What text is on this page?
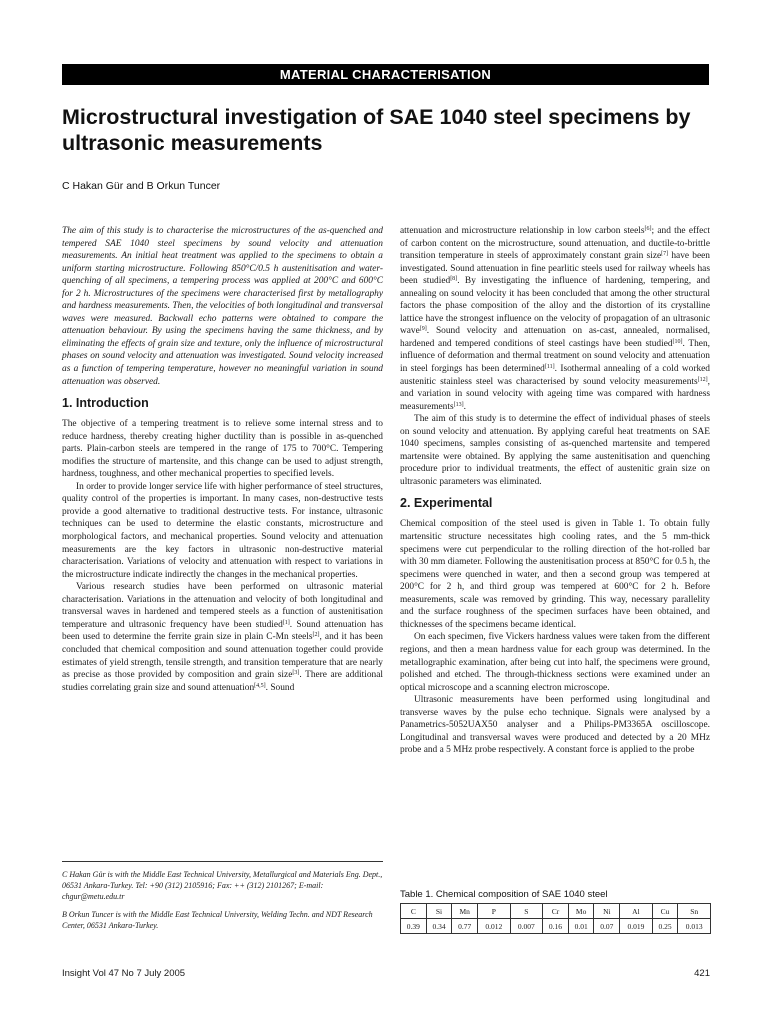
MATERIAL CHARACTERISATION
Microstructural investigation of SAE 1040 steel specimens by ultrasonic measurements
C Hakan Gür and B Orkun Tuncer

The aim of this study is to characterise the microstructures of the as-quenched and tempered SAE 1040 steel specimens by sound velocity and attenuation measurements. An initial heat treatment was applied to the specimens to obtain a uniform starting microstructure. Following 850°C/0.5 h austenitisation and water-quenching of all specimens, a tempering process was applied at 200°C and 600°C for 2 h. Microstructures of the specimens were characterised first by metallography and hardness measurements. Then, the velocities of both longitudinal and transversal waves were measured. Backwall echo patterns were obtained to compare the attenuation behaviour. By using the specimens having the same thickness, and by eliminating the effects of grain size and texture, only the influence of microstructural phases on sound velocity and attenuation was investigated. Sound velocity increased as a function of tempering temperature, however no meaningful variation in sound attenuation was observed.

1. Introduction

The objective of a tempering treatment is to relieve some internal stress and to reduce hardness, thereby creating higher ductility than is possible in as-quenched parts. Plain-carbon steels are tempered in the range of 175 to 700°C. Tempering modifies the structure of martensite, and this change can be used to adjust strength, hardness, toughness, and other mechanical properties to specified levels.

In order to provide longer service life with higher performance of steel structures, quality control of the properties is important. In many cases, non-destructive tests provide a good alternative to traditional destructive tests. For instance, ultrasonic techniques can be used to determine the elastic constants, microstructure and morphological factors, and mechanical properties. Sound velocity and attenuation measurements are the key factors in ultrasonic non-destructive material characterisation. Variations of velocity and attenuation with respect to variations in the microstructure indicate indirectly the changes in the mechanical properties.

Various research studies have been performed on ultrasonic material characterisation. Variations in the attenuation and velocity of both longitudinal and transversal waves in hardened and tempered steels as a function of austenitisation temperature and ultrasonic frequency have been studied[1]. Sound attenuation has been used to determine the ferrite grain size in plain C-Mn steels[2], and it has been concluded that chemical composition and sound attenuation together could provide estimates of yield strength, tensile strength, and transition temperature that are nearly as precise as those provided by composition and grain size[3]. There are additional studies correlating grain size and sound attenuation[4,5]. Sound

C Hakan Gür is with the Middle East Technical University, Metallurgical and Materials Eng. Dept., 06531 Ankara-Turkey. Tel: +90 (312) 2105916; Fax: ++ (312) 2101267; E-mail: chgur@metu.edu.tr

B Orkun Tuncer is with the Middle East Technical University, Welding Techn. and NDT Research Center, 06531 Ankara-Turkey.

attenuation and microstructure relationship in low carbon steels[6]; and the effect of carbon content on the microstructure, sound attenuation, and ductile-to-brittle transition temperature in steels of approximately constant grain size[7] have been investigated. Sound attenuation in fine pearlitic steels used for railway wheels has been studied[8]. By investigating the influence of hardening, tempering, and annealing on sound velocity it has been concluded that among the other structural factors the phase composition of the alloy and the distortion of its crystalline lattice have the strongest influence on the velocity of propagation of an ultrasonic wave[9]. Sound velocity and attenuation on as-cast, annealed, normalised, hardened and tempered conditions of steel castings have been studied[10]. Then, influence of deformation and thermal treatment on sound velocity and attenuation in steel forgings has been determined[11]. Isothermal annealing of a cold worked austenitic stainless steel was characterised by sound velocity measurements[12], and variation in sound velocity with ageing time was compared with hardness measurements[13].

The aim of this study is to determine the effect of individual phases of steels on sound velocity and attenuation. By applying careful heat treatments on SAE 1040 specimens, samples consisting of as-quenched martensite and tempered martensite were obtained. By applying the same austenitisation and quenching procedure prior to individual treatments, the effect of austenitic grain size on ultrasonic parameters was eliminated.

2. Experimental

Chemical composition of the steel used is given in Table 1. To obtain fully martensitic structure necessitates high cooling rates, and the 5 mm-thick specimens were cut perpendicular to the rolling direction of the hot-rolled bar with 30 mm diameter. Following the austenitisation process at 850°C for 0.5 h, the specimens were quenched in water, and then a second group was tempered at 200°C for 2 h, and third group was tempered at 600°C for 2 h. Before measurements, scale was removed by grinding. This way, necessary parallelity and the surface roughness of the specimen surfaces have been obtained, and thicknesses of the specimens became identical.

On each specimen, five Vickers hardness values were taken from the different regions, and then a mean hardness value for each group was determined. In the metallographic examination, after being cut into half, the specimens were ground, polished and etched. The through-thickness sections were examined under an optical microscope and a scanning electron microscope.

Ultrasonic measurements have been performed using longitudinal and transverse waves by the pulse echo technique. Signals were analysed by a Panametrics-5052UAX50 analyser and a Philips-PM3365A oscilloscope. Longitudinal and transversal waves were produced and detected by a 20 MHz probe and a 5 MHz probe respectively. A constant force is applied to the probe

Table 1. Chemical composition of SAE 1040 steel
C	Si	Mn	P	S	Cr	Mo	Ni	Al	Cu	Sn
0.39	0.34	0.77	0.012	0.007	0.16	0.01	0.07	0.019	0.25	0.013
Insight Vol 47 No 7 July 2005	421
